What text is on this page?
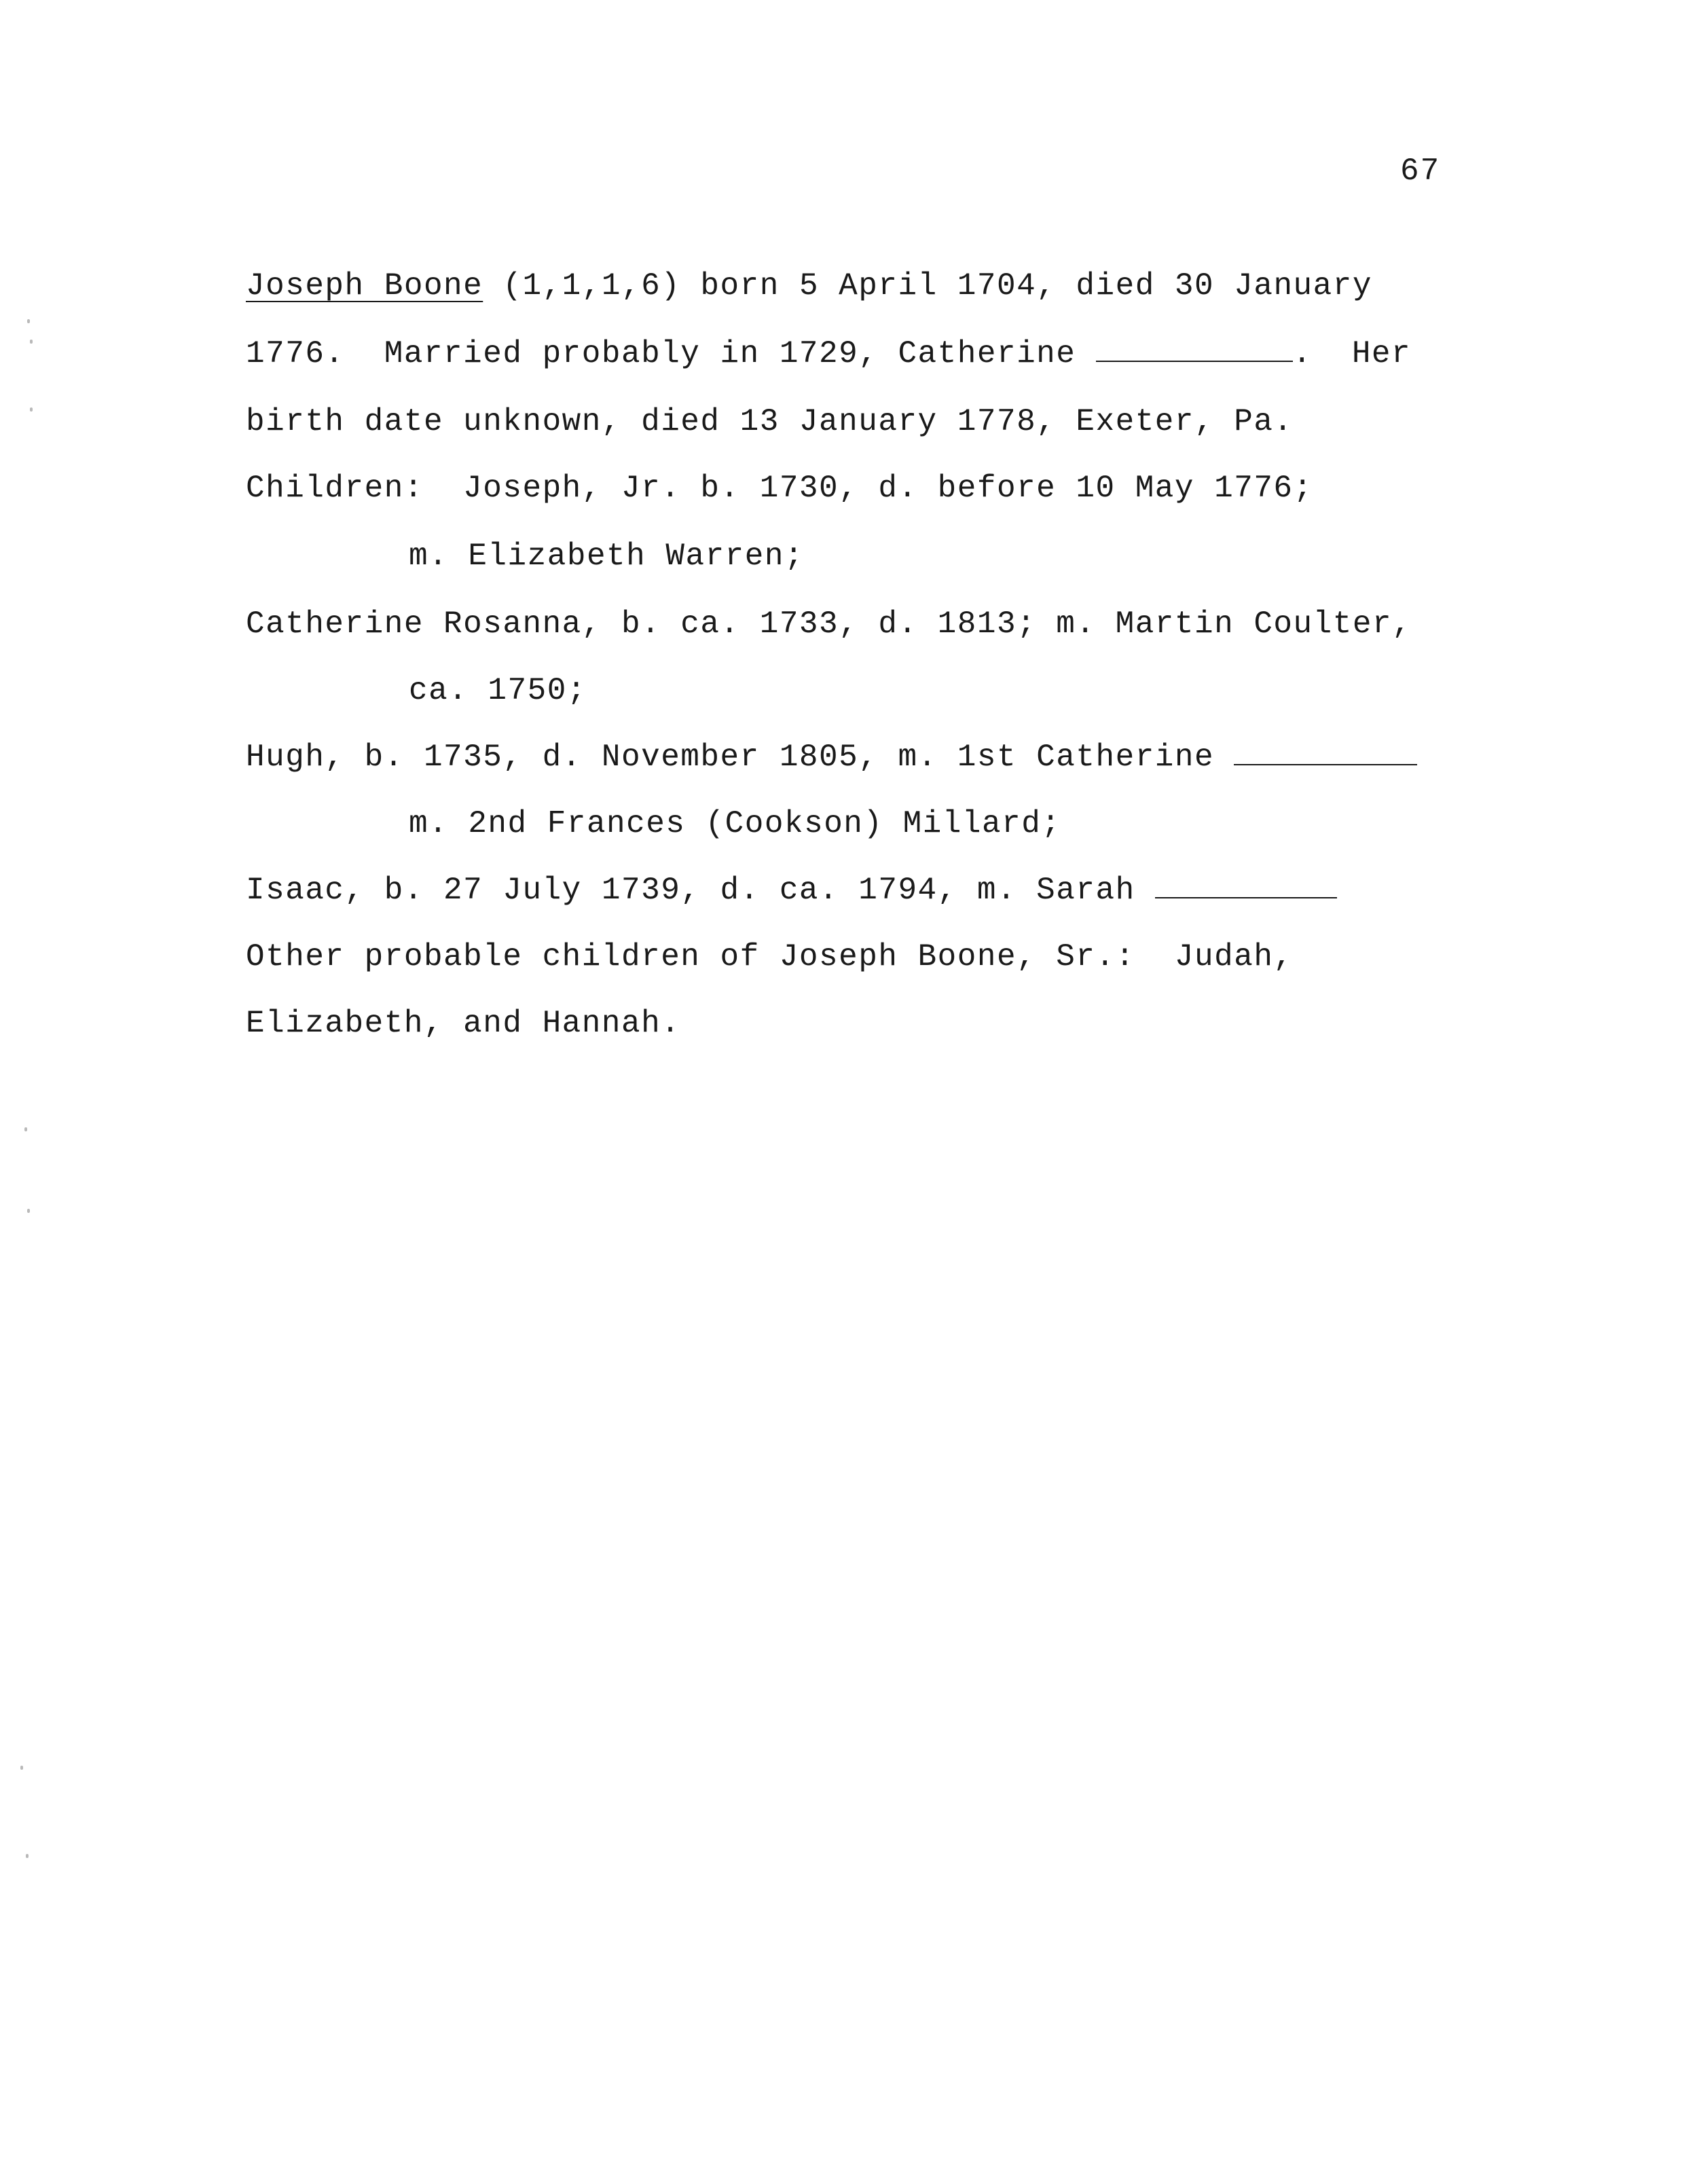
67
Joseph Boone (1,1,1,6) born 5 April 1704, died 30 January
1776.  Married probably in 1729, Catherine	.  Her
birth date unknown, died 13 January 1778, Exeter, Pa.
Children:  Joseph, Jr. b. 1730, d. before 10 May 1776;
m. Elizabeth Warren;
Catherine Rosanna, b. ca. 1733, d. 1813; m. Martin Coulter,
ca. 1750;
Hugh, b. 1735, d. November 1805, m. 1st Catherine
m. 2nd Frances (Cookson) Millard;
Isaac, b. 27 July 1739, d. ca. 1794, m. Sarah
Other probable children of Joseph Boone, Sr.:  Judah,
Elizabeth, and Hannah.
